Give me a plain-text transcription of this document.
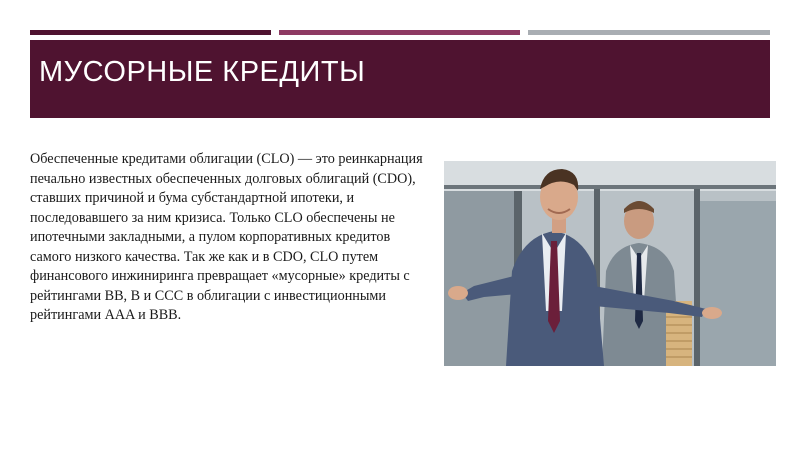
МУСОРНЫЕ КРЕДИТЫ
Обеспеченные кредитами облигации (CLO) — это реинкарнация печально известных обеспеченных долговых облигаций (CDO), ставших причиной и бума субстандартной ипотеки, и последовавшего за ним кризиса. Только CLO обеспечены не ипотечными закладными, а пулом корпоративных кредитов самого низкого качества. Так же как и в CDO, CLO путем финансового инжиниринга превращает «мусорные» кредиты с рейтингами BB, B и CCC в облигации с инвестиционными рейтингами AAA и BBB.
